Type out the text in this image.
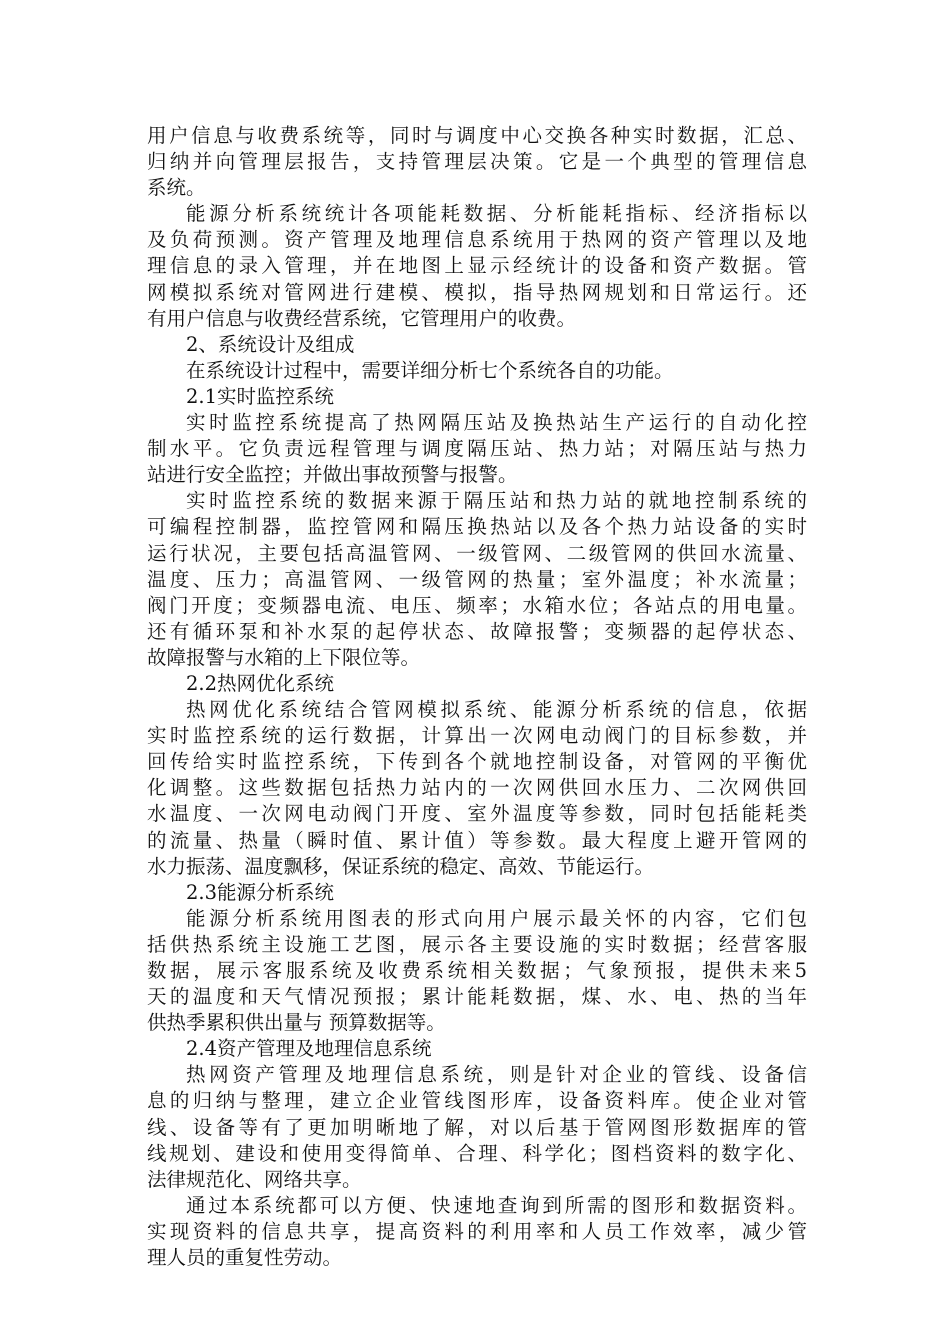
用户信息与收费系统等，同时与调度中心交换各种实时数据，汇总、
归纳并向管理层报告，支持管理层决策。它是一个典型的管理信息
系统。
能源分析系统统计各项能耗数据、分析能耗指标、经济指标以
及负荷预测。资产管理及地理信息系统用于热网的资产管理以及地
理信息的录入管理，并在地图上显示经统计的设备和资产数据。管
网模拟系统对管网进行建模、模拟，指导热网规划和日常运行。还
有用户信息与收费经营系统，它管理用户的收费。
2、系统设计及组成
在系统设计过程中，需要详细分析七个系统各自的功能。
2.1实时监控系统
实时监控系统提高了热网隔压站及换热站生产运行的自动化控
制水平。它负责远程管理与调度隔压站、热力站；对隔压站与热力
站进行安全监控；并做出事故预警与报警。
实时监控系统的数据来源于隔压站和热力站的就地控制系统的
可编程控制器，监控管网和隔压换热站以及各个热力站设备的实时
运行状况，主要包括高温管网、一级管网、二级管网的供回水流量、
温度、压力；高温管网、一级管网的热量；室外温度；补水流量；
阀门开度；变频器电流、电压、频率；水箱水位；各站点的用电量。
还有循环泵和补水泵的起停状态、故障报警；变频器的起停状态、
故障报警与水箱的上下限位等。
2.2热网优化系统
热网优化系统结合管网模拟系统、能源分析系统的信息，依据
实时监控系统的运行数据，计算出一次网电动阀门的目标参数，并
回传给实时监控系统，下传到各个就地控制设备，对管网的平衡优
化调整。这些数据包括热力站内的一次网供回水压力、二次网供回
水温度、一次网电动阀门开度、室外温度等参数，同时包括能耗类
的流量、热量（瞬时值、累计值）等参数。最大程度上避开管网的
水力振荡、温度飘移，保证系统的稳定、高效、节能运行。
2.3能源分析系统
能源分析系统用图表的形式向用户展示最关怀的内容，它们包
括供热系统主设施工艺图，展示各主要设施的实时数据；经营客服
数据，展示客服系统及收费系统相关数据；气象预报，提供未来5
天的温度和天气情况预报；累计能耗数据，煤、水、电、热的当年
供热季累积供出量与 预算数据等。
2.4资产管理及地理信息系统
热网资产管理及地理信息系统，则是针对企业的管线、设备信
息的归纳与整理，建立企业管线图形库，设备资料库。使企业对管
线、设备等有了更加明晰地了解，对以后基于管网图形数据库的管
线规划、建设和使用变得简单、合理、科学化；图档资料的数字化、
法律规范化、网络共享。
通过本系统都可以方便、快速地查询到所需的图形和数据资料。
实现资料的信息共享，提高资料的利用率和人员工作效率，减少管
理人员的重复性劳动。
